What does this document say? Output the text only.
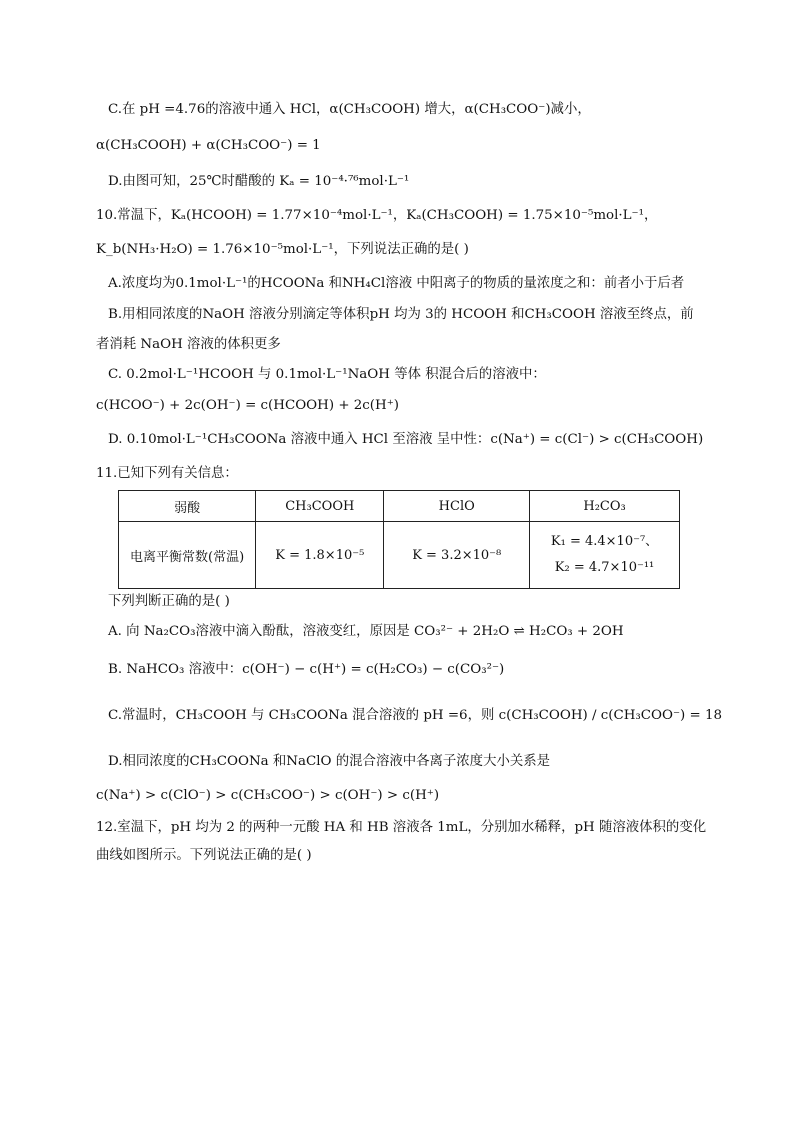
C.在 pH =4.76的溶液中通入 HCl，α(CH₃COOH) 增大，α(CH₃COO⁻)减小，
α(CH₃COOH) + α(CH₃COO⁻) = 1
D.由图可知，25℃时醋酸的 Kₐ = 10⁻⁴·⁷⁶mol·L⁻¹
10.常温下，Kₐ(HCOOH) = 1.77×10⁻⁴mol·L⁻¹，Kₐ(CH₃COOH) = 1.75×10⁻⁵mol·L⁻¹，
K_b(NH₃·H₂O) = 1.76×10⁻⁵mol·L⁻¹，下列说法正确的是( )
A.浓度均为0.1mol·L⁻¹的HCOONa 和NH₄Cl溶液 中阳离子的物质的量浓度之和：前者小于后者
B.用相同浓度的NaOH 溶液分别滴定等体积pH 均为 3的 HCOOH 和CH₃COOH 溶液至终点，前
者消耗 NaOH 溶液的体积更多
C. 0.2mol·L⁻¹HCOOH 与 0.1mol·L⁻¹NaOH 等体 积混合后的溶液中：
c(HCOO⁻) + 2c(OH⁻) = c(HCOOH) + 2c(H⁺)
D. 0.10mol·L⁻¹CH₃COONa 溶液中通入 HCl 至溶液 呈中性：c(Na⁺) = c(Cl⁻) > c(CH₃COOH)
11.已知下列有关信息：
弱酸	CH₃COOH	HClO	H₂CO₃
电离平衡常数(常温)	K = 1.8×10⁻⁵	K = 3.2×10⁻⁸	K₁ = 4.4×10⁻⁷、
K₂ = 4.7×10⁻¹¹
下列判断正确的是( )
A. 向 Na₂CO₃溶液中滴入酚酞，溶液变红，原因是 CO₃²⁻ + 2H₂O ⇌ H₂CO₃ + 2OH
B. NaHCO₃ 溶液中：c(OH⁻) − c(H⁺) = c(H₂CO₃) − c(CO₃²⁻)
C.常温时，CH₃COOH 与 CH₃COONa 混合溶液的 pH =6，则 c(CH₃COOH) / c(CH₃COO⁻) = 18
D.相同浓度的CH₃COONa 和NaClO 的混合溶液中各离子浓度大小关系是
c(Na⁺) > c(ClO⁻) > c(CH₃COO⁻) > c(OH⁻) > c(H⁺)
12.室温下，pH 均为 2 的两种一元酸 HA 和 HB 溶液各 1mL，分别加水稀释，pH 随溶液体积的变化
曲线如图所示。下列说法正确的是( )
